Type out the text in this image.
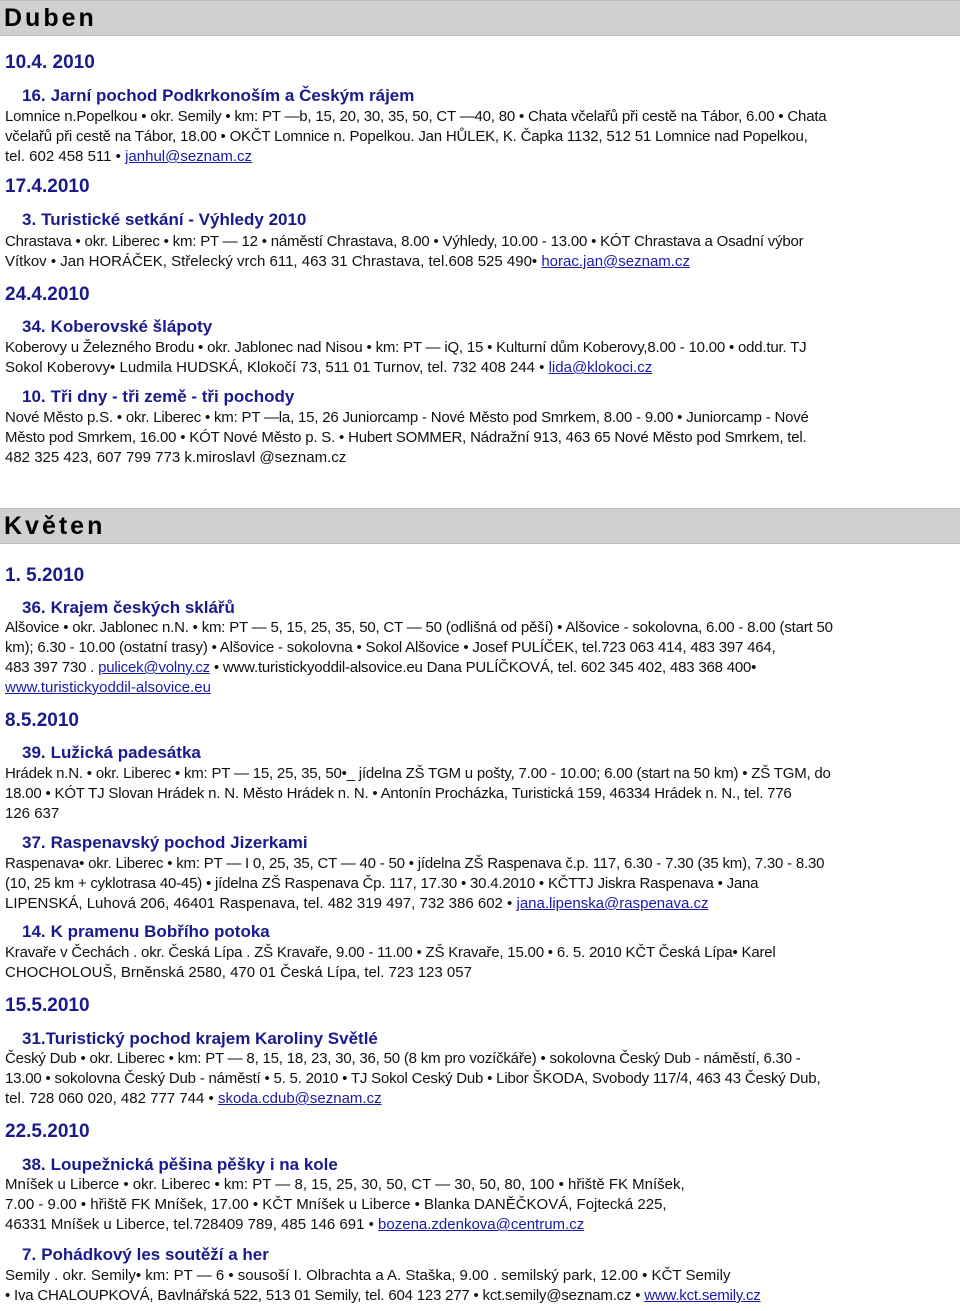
Duben
10.4. 2010
16. Jarní pochod Podkrkonoším a Českým rájem
Lomnice n.Popelkou • okr. Semily • km: PT —b, 15, 20, 30, 35, 50, CT —40, 80 • Chata včelařů při cestě na Tábor, 6.00 • Chata
včelařů při cestě na Tábor, 18.00 • OKČT Lomnice n. Popelkou. Jan HŮLEK, K. Čapka 1132, 512 51 Lomnice nad Popelkou,
tel. 602 458 511 • janhul@seznam.cz
17.4.2010
3. Turistické setkání - Výhledy 2010
Chrastava • okr. Liberec • km: PT — 12 • náměstí Chrastava, 8.00 • Výhledy, 10.00 - 13.00 • KÓT Chrastava a Osadní výbor
Vítkov • Jan HORÁČEK, Střelecký vrch 611, 463 31 Chrastava, tel.608 525 490• horac.jan@seznam.cz
24.4.2010
34. Koberovské šlápoty
Koberovy u Železného Brodu • okr. Jablonec nad Nisou • km: PT — iQ, 15 • Kulturní dům Koberovy,8.00 - 10.00 • odd.tur. TJ
Sokol Koberovy• Ludmila HUDSKÁ, Klokočí 73, 511 01 Turnov, tel. 732 408 244 • lida@klokoci.cz
10. Tři dny - tři země - tři pochody
Nové Město p.S. • okr. Liberec • km: PT —la, 15, 26 Juniorcamp - Nové Město pod Smrkem, 8.00 - 9.00 • Juniorcamp - Nové
Město pod Smrkem, 16.00 • KÓT Nové Město p. S. • Hubert SOMMER, Nádražní 913, 463 65 Nové Město pod Smrkem, tel.
482 325 423, 607 799 773 k.miroslavl @seznam.cz
Květen
1. 5.2010
36. Krajem českých sklářů
Alšovice • okr. Jablonec n.N. • km: PT — 5, 15, 25, 35, 50, CT — 50 (odlišná od pěší) • Alšovice - sokolovna, 6.00 - 8.00 (start 50
km); 6.30 - 10.00 (ostatní trasy) • Alšovice - sokolovna • Sokol Alšovice • Josef PULÍČEK, tel.723 063 414, 483 397 464,
483 397 730 . pulicek@volny.cz • www.turistickyoddil-alsovice.eu Dana PULÍČKOVÁ, tel. 602 345 402, 483 368 400•
www.turistickyoddil-alsovice.eu
8.5.2010
39. Lužická padesátka
Hrádek n.N. • okr. Liberec • km: PT — 15, 25, 35, 50•_ jídelna ZŠ TGM u pošty, 7.00 - 10.00; 6.00 (start na 50 km) • ZŠ TGM, do
18.00 • KÓT TJ Slovan Hrádek n. N. Město Hrádek n. N. • Antonín Procházka, Turistická 159, 46334 Hrádek n. N., tel. 776
126 637
37. Raspenavský pochod Jizerkami
Raspenava• okr. Liberec • km: PT — I 0, 25, 35, CT — 40 - 50 • jídelna ZŠ Raspenava č.p. 117, 6.30 - 7.30 (35 km), 7.30 - 8.30
(10, 25 km + cyklotrasa 40-45) • jídelna ZŠ Raspenava Čp. 117, 17.30 • 30.4.2010 • KČTTJ Jiskra Raspenava • Jana
LIPENSKÁ, Luhová 206, 46401 Raspenava, tel. 482 319 497, 732 386 602 • jana.lipenska@raspenava.cz
14. K pramenu Bobřího potoka
Kravaře v Čechách . okr. Česká Lípa . ZŠ Kravaře, 9.00 - 11.00 • ZŠ Kravaře, 15.00 • 6. 5. 2010 KČT Česká Lípa• Karel
CHOCHOLOUŠ, Brněnská 2580, 470 01 Česká Lípa, tel. 723 123 057
15.5.2010
31.Turistický pochod krajem Karoliny Světlé
Český Dub • okr. Liberec • km: PT — 8, 15, 18, 23, 30, 36, 50 (8 km pro vozíčkáře) • sokolovna Český Dub - náměstí, 6.30 -
13.00 • sokolovna Český Dub - náměstí • 5. 5. 2010 • TJ Sokol Ceský Dub • Libor ŠKODA, Svobody 117/4, 463 43 Český Dub,
tel. 728 060 020, 482 777 744 • skoda.cdub@seznam.cz
22.5.2010
38. Loupežnická pěšina pěšky i na kole
Mníšek u Liberce • okr. Liberec • km: PT — 8, 15, 25, 30, 50, CT — 30, 50, 80, 100 • hřiště FK Mníšek,
7.00 - 9.00 • hřiště FK Mníšek, 17.00 • KČT Mníšek u Liberce • Blanka DANĚČKOVÁ, Fojtecká 225,
46331 Mníšek u Liberce, tel.728409 789, 485 146 691 • bozena.zdenkova@centrum.cz
7. Pohádkový les soutěží a her
Semily . okr. Semily• km: PT — 6 • sousoší I. Olbrachta a A. Staška, 9.00 . semilský park, 12.00 • KČT Semily
• Iva CHALOUPKOVÁ, Bavlnářská 522, 513 01 Semily, tel. 604 123 277 • kct.semily@seznam.cz • www.kct.semily.cz
